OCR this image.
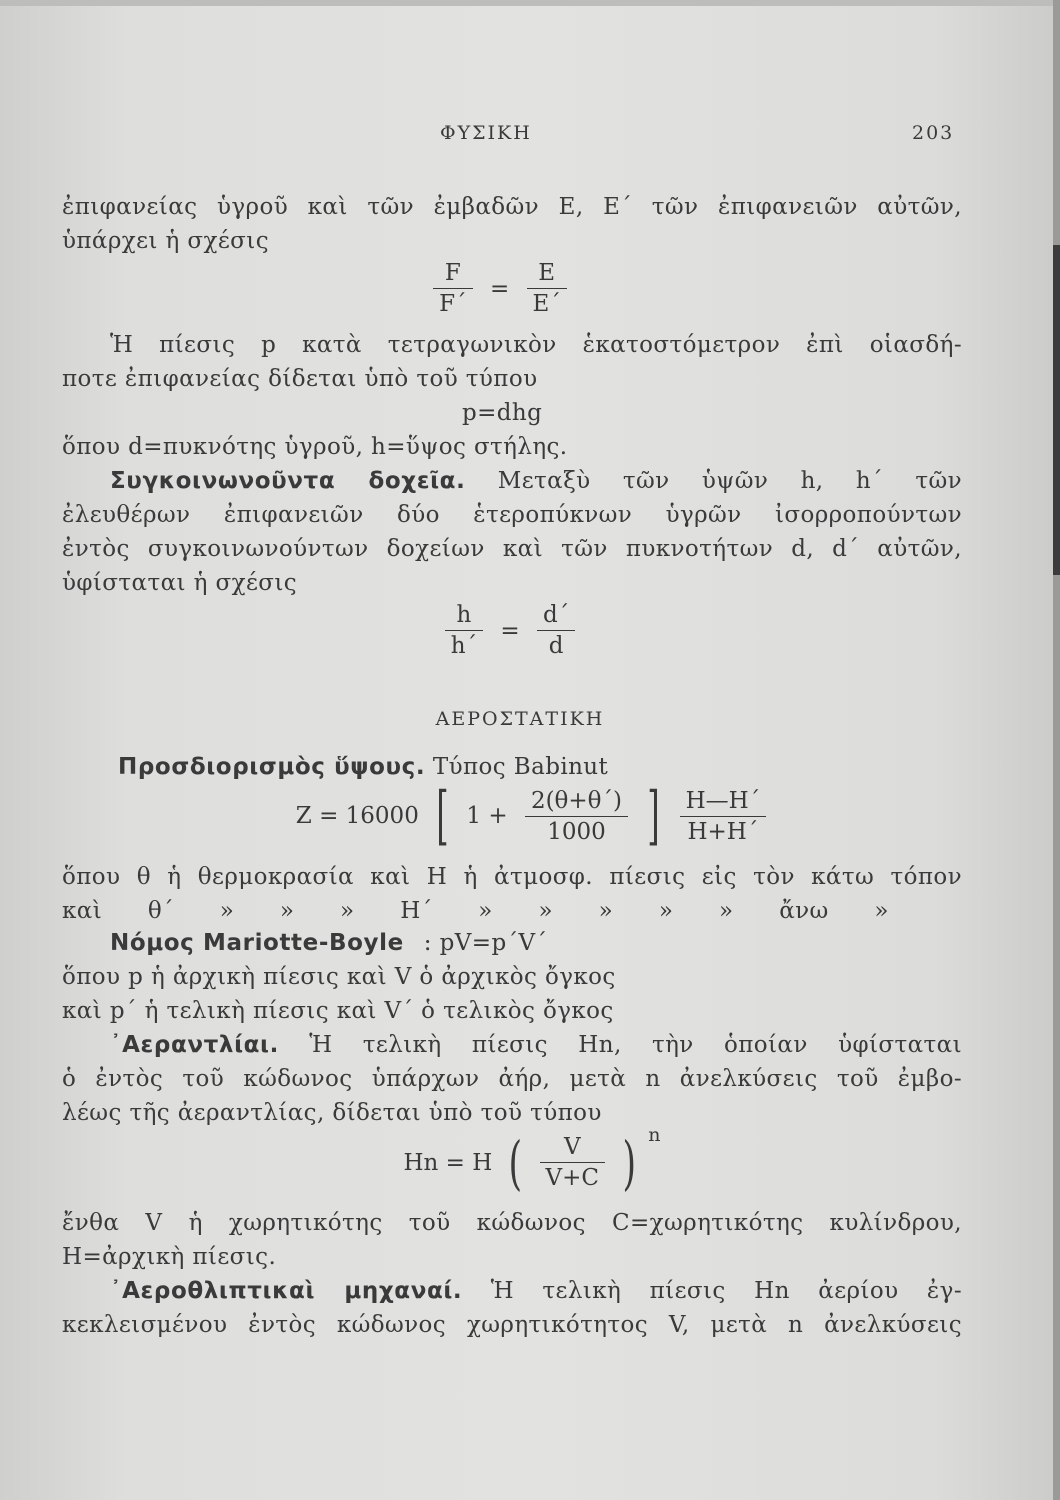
ΦΥΣΙΚΗ	203
ἐπιφανείας ὑγροῦ καὶ τῶν ἐμβαδῶν Ε, Ε΄ τῶν ἐπιφανειῶν αὐτῶν,
ὑπάρχει ἡ σχέσις
$\frac{F}{F΄} = \frac{E}{E΄}$
Ἡ πίεσις p κατὰ τετραγωνικὸν ἑκατοστόμετρον ἐπὶ οἱασδή-
ποτε ἐπιφανείας δίδεται ὑπὸ τοῦ τύπου
p=dhg
ὅπου d=πυκνότης ὑγροῦ, h=ὕψος στήλης.
Συγκοινωνοῦντα δοχεῖα. Μεταξὺ τῶν ὑψῶν h, h΄ τῶν
ἐλευθέρων ἐπιφανειῶν δύο ἑτεροπύκνων ὑγρῶν ἰσορροπούντων
ἐντὸς συγκοινωνούντων δοχείων καὶ τῶν πυκνοτήτων d, d΄ αὐτῶν,
ὑφίσταται ἡ σχέσις
$\frac{h}{h΄} = \frac{d΄}{d}$
ΑΕΡΟΣΤΑΤΙΚΗ
Προσδιορισμὸς ὕψους. Τύπος Babinut
Z = 16000 [ $1 + \frac{2(\theta+\theta΄)}{1000}$ ] $\frac{H—H΄}{H+H΄}$
ὅπου θ ἡ θερμοκρασία καὶ Η ἡ ἀτμοσφ. πίεσις εἰς τὸν κάτω τόπον
καὶ θ΄ » » » Η΄ » » » » » ἄνω »
Νόμος Mariotte-Boyle : pV=p΄V΄
ὅπου p ἡ ἀρχικὴ πίεσις καὶ V ὁ ἀρχικὸς ὄγκος
καὶ p΄ ἡ τελικὴ πίεσις καὶ V΄ ὁ τελικὸς ὄγκος
᾿Αεραντλίαι. Ἡ τελικὴ πίεσις Hn, τὴν ὁποίαν ὑφίσταται
ὁ ἐντὸς τοῦ κώδωνος ὑπάρχων ἀήρ, μετὰ n ἀνελκύσεις τοῦ ἐμβο-
λέως τῆς ἀεραντλίας, δίδεται ὑπὸ τοῦ τύπου
Hn = H ( $\frac{V}{V+C}$ ) $^n$
ἔνθα V ἡ χωρητικότης τοῦ κώδωνος C=χωρητικότης κυλίνδρου,
Η=ἀρχικὴ πίεσις.
᾿Αεροθλιπτικαὶ μηχαναί. Ἡ τελικὴ πίεσις Hn ἀερίου ἐγ-
κεκλεισμένου ἐντὸς κώδωνος χωρητικότητος V, μετὰ n ἀνελκύσεις
